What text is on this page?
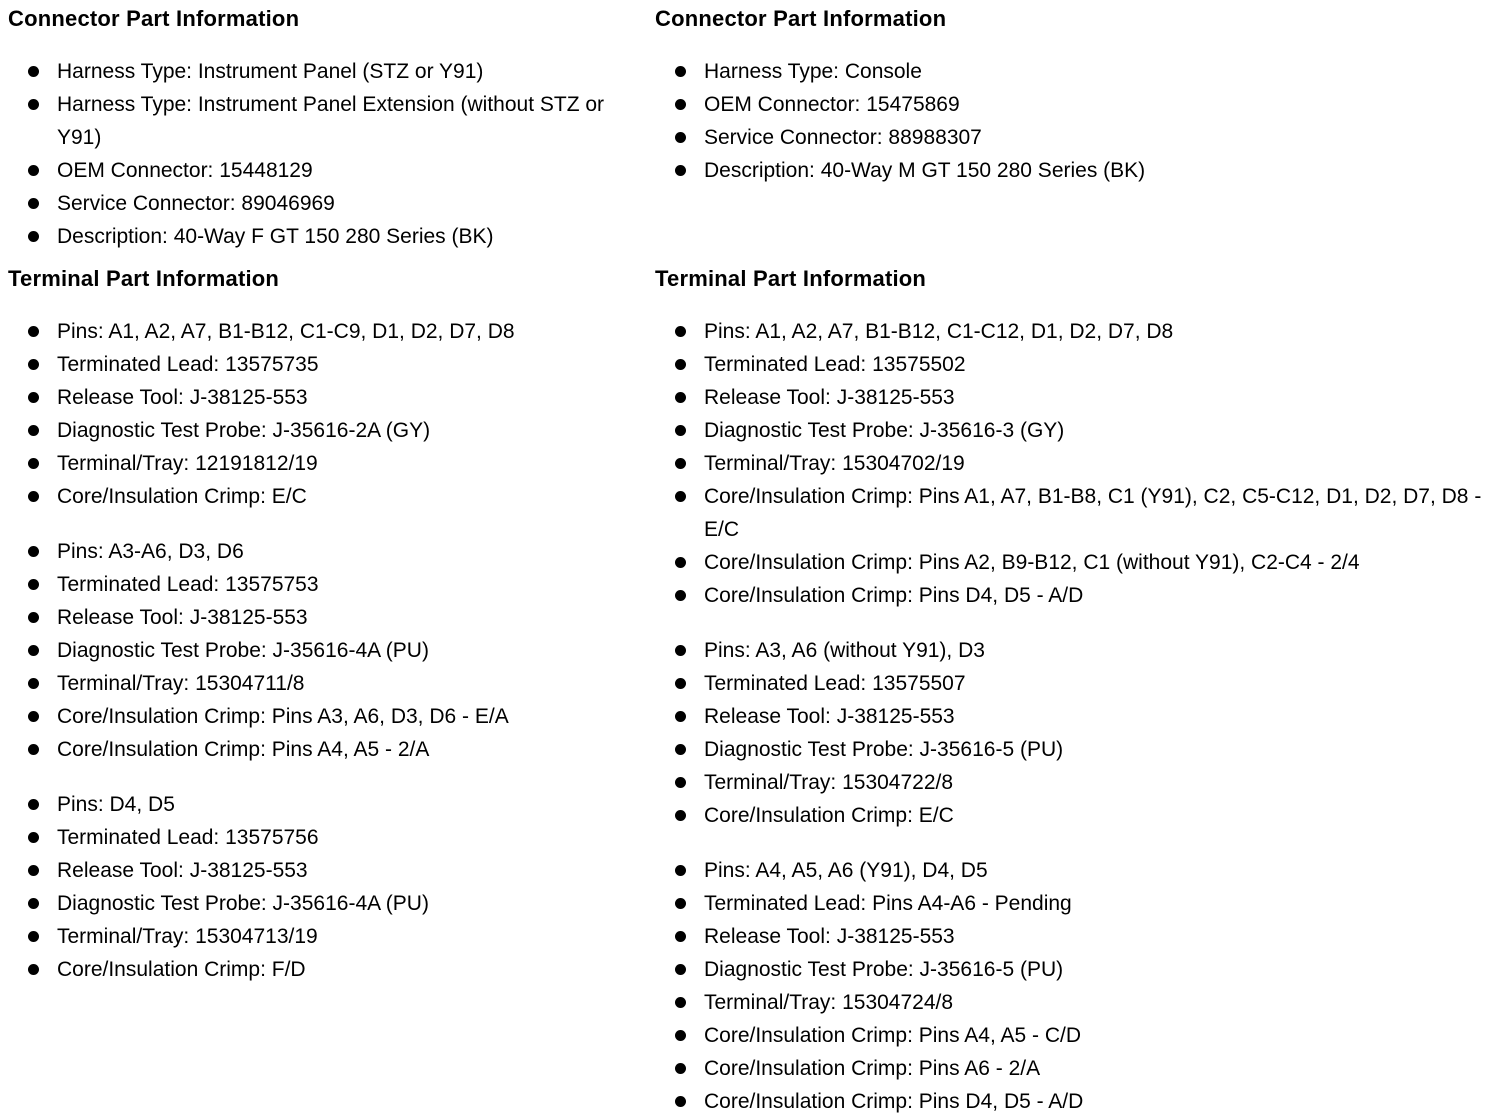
Connector Part Information
Harness Type: Instrument Panel (STZ or Y91)
Harness Type: Instrument Panel Extension (without STZ or Y91)
OEM Connector: 15448129
Service Connector: 89046969
Description: 40-Way F GT 150 280 Series (BK)
Terminal Part Information
Pins: A1, A2, A7, B1-B12, C1-C9, D1, D2, D7, D8
Terminated Lead: 13575735
Release Tool: J-38125-553
Diagnostic Test Probe: J-35616-2A (GY)
Terminal/Tray: 12191812/19
Core/Insulation Crimp: E/C
Pins: A3-A6, D3, D6
Terminated Lead: 13575753
Release Tool: J-38125-553
Diagnostic Test Probe: J-35616-4A (PU)
Terminal/Tray: 15304711/8
Core/Insulation Crimp: Pins A3, A6, D3, D6 - E/A
Core/Insulation Crimp: Pins A4, A5 - 2/A
Pins: D4, D5
Terminated Lead: 13575756
Release Tool: J-38125-553
Diagnostic Test Probe: J-35616-4A (PU)
Terminal/Tray: 15304713/19
Core/Insulation Crimp: F/D
Connector Part Information
Harness Type: Console
OEM Connector: 15475869
Service Connector: 88988307
Description: 40-Way M GT 150 280 Series (BK)
Terminal Part Information
Pins: A1, A2, A7, B1-B12, C1-C12, D1, D2, D7, D8
Terminated Lead: 13575502
Release Tool: J-38125-553
Diagnostic Test Probe: J-35616-3 (GY)
Terminal/Tray: 15304702/19
Core/Insulation Crimp: Pins A1, A7, B1-B8, C1 (Y91), C2, C5-C12, D1, D2, D7, D8 - E/C
Core/Insulation Crimp: Pins A2, B9-B12, C1 (without Y91), C2-C4 - 2/4
Core/Insulation Crimp: Pins D4, D5 - A/D
Pins: A3, A6 (without Y91), D3
Terminated Lead: 13575507
Release Tool: J-38125-553
Diagnostic Test Probe: J-35616-5 (PU)
Terminal/Tray: 15304722/8
Core/Insulation Crimp: E/C
Pins: A4, A5, A6 (Y91), D4, D5
Terminated Lead: Pins A4-A6 - Pending
Release Tool: J-38125-553
Diagnostic Test Probe: J-35616-5 (PU)
Terminal/Tray: 15304724/8
Core/Insulation Crimp: Pins A4, A5 - C/D
Core/Insulation Crimp: Pins A6 - 2/A
Core/Insulation Crimp: Pins D4, D5 - A/D
